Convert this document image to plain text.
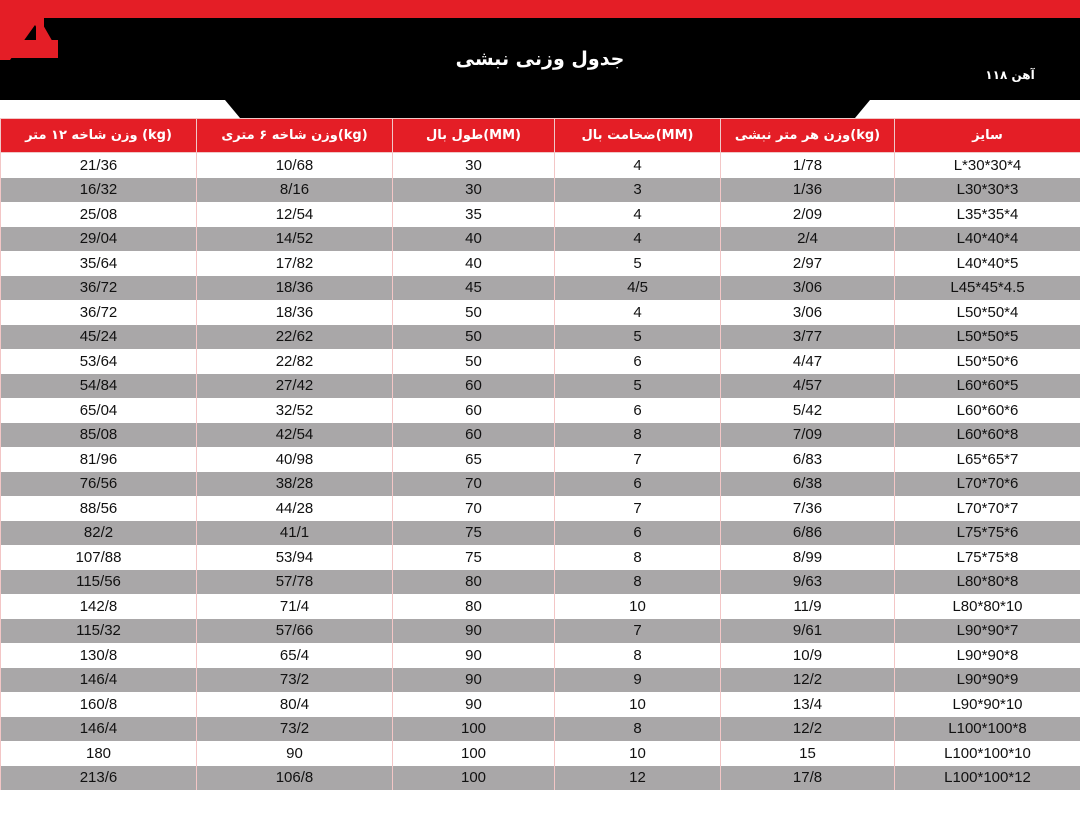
جدول وزنی نبشی
۰۲۱-۵۴۴۷۳
آهن ۱۱۸
وزن شاخه ۱۲ متر (kg)	وزن شاخه ۶ متری(kg)	طول بال(MM)	ضخامت بال(MM)	وزن هر متر نبشی(kg)	سایز
21/36	10/68	30	4	1/78	L*30*30*4
16/32	8/16	30	3	1/36	L30*30*3
25/08	12/54	35	4	2/09	L35*35*4
29/04	14/52	40	4	2/4	L40*40*4
35/64	17/82	40	5	2/97	L40*40*5
36/72	18/36	45	4/5	3/06	L45*45*4.5
36/72	18/36	50	4	3/06	L50*50*4
45/24	22/62	50	5	3/77	L50*50*5
53/64	22/82	50	6	4/47	L50*50*6
54/84	27/42	60	5	4/57	L60*60*5
65/04	32/52	60	6	5/42	L60*60*6
85/08	42/54	60	8	7/09	L60*60*8
81/96	40/98	65	7	6/83	L65*65*7
76/56	38/28	70	6	6/38	L70*70*6
88/56	44/28	70	7	7/36	L70*70*7
82/2	41/1	75	6	6/86	L75*75*6
107/88	53/94	75	8	8/99	L75*75*8
115/56	57/78	80	8	9/63	L80*80*8
142/8	71/4	80	10	11/9	L80*80*10
115/32	57/66	90	7	9/61	L90*90*7
130/8	65/4	90	8	10/9	L90*90*8
146/4	73/2	90	9	12/2	L90*90*9
160/8	80/4	90	10	13/4	L90*90*10
146/4	73/2	100	8	12/2	L100*100*8
180	90	100	10	15	L100*100*10
213/6	106/8	100	12	17/8	L100*100*12
